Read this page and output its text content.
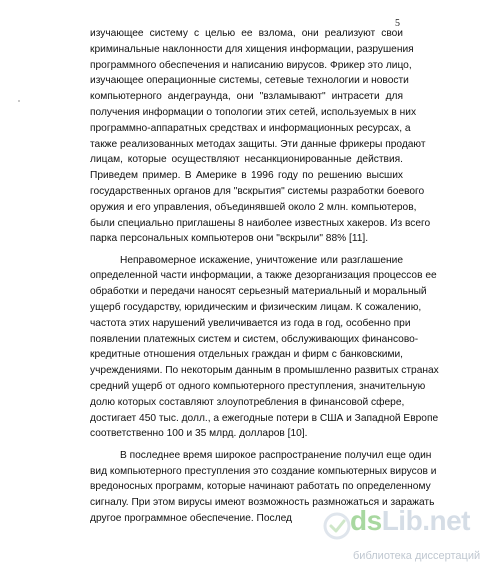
5
изучающее систему с целью ее взлома, они реализуют свои
криминальные наклонности для хищения информации, разрушения
программного обеспечения и написанию вирусов. Фрикер это лицо,
изучающее операционные системы, сетевые технологии и новости
компьютерного андеграунда, они "взламывают" интрасети для
получения информации о топологии этих сетей, используемых в них
программно-аппаратных средствах и информационных ресурсах, а
также реализованных методах защиты. Эти данные фрикеры продают
лицам, которые осуществляют несанкционированные действия.
Приведем пример. В Америке в 1996 году по решению высших
государственных органов для "вскрытия" системы разработки боевого
оружия и его управления, объединявшей около 2 млн. компьютеров,
были специально приглашены 8 наиболее известных хакеров. Из всего
парка персональных компьютеров они "вскрыли" 88% [11].
Неправомерное искажение, уничтожение или разглашение
определенной части информации, а также дезорганизация процессов ее
обработки и передачи наносят серьезный материальный и моральный
ущерб государству, юридическим и физическим лицам. К сожалению,
частота этих нарушений увеличивается из года в год, особенно при
появлении платежных систем и систем, обслуживающих финансово-
кредитные отношения отдельных граждан и фирм с банковскими,
учреждениями. По некоторым данным в промышленно развитых странах
средний ущерб от одного компьютерного преступления, значительную
долю которых составляют злоупотребления в финансовой сфере,
достигает 450 тыс. долл., а ежегодные потери в США и Западной Европе
соответственно 100 и 35 млрд. долларов [10].
В последнее время широкое распространение получил еще один
вид компьютерного преступления это создание компьютерных вирусов и
вредоносных программ, которые начинают работать по определенному
сигналу. При этом вирусы имеют возможность размножаться и заражать
другое программное обеспечение. Послед	dsLib.net
библиотека диссертаций
